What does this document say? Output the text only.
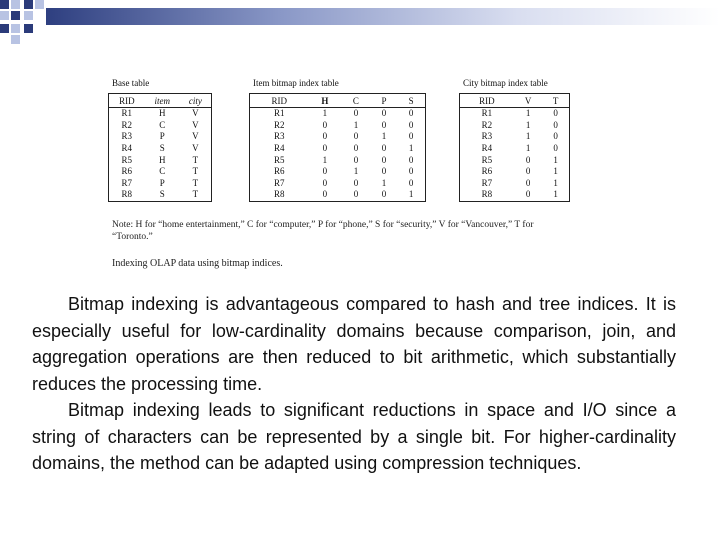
Base table
RID	item	city
R1	H	V
R2	C	V
R3	P	V
R4	S	V
R5	H	T
R6	C	T
R7	P	T
R8	S	T
Item bitmap index table
RID	H	C	P	S
R1	1	0	0	0
R2	0	1	0	0
R3	0	0	1	0
R4	0	0	0	1
R5	1	0	0	0
R6	0	1	0	0
R7	0	0	1	0
R8	0	0	0	1
City bitmap index table
RID	V	T
R1	1	0
R2	1	0
R3	1	0
R4	1	0
R5	0	1
R6	0	1
R7	0	1
R8	0	1
Note: H for “home entertainment,” C for “computer,” P for “phone,” S for “security,” V for “Vancouver,” T for “Toronto.”
Indexing OLAP data using bitmap indices.

Bitmap indexing is advantageous compared to hash and tree indices. It is especially useful for low-cardinality domains because comparison, join, and aggregation operations are then reduced to bit arithmetic, which substantially reduces the processing time.

Bitmap indexing leads to significant reductions in space and I/O since a string of characters can be represented by a single bit. For higher-cardinality domains, the method can be adapted using compression techniques.
